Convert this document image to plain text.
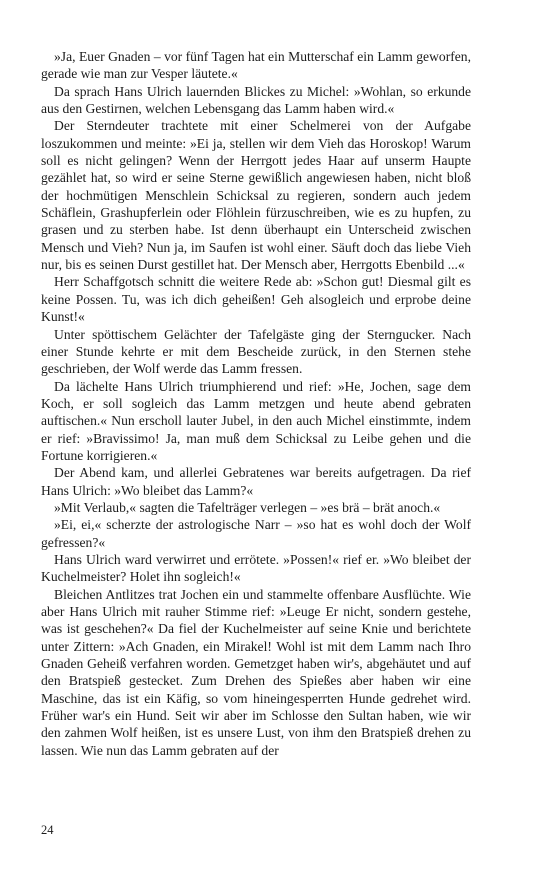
»Ja, Euer Gnaden – vor fünf Tagen hat ein Mutterschaf ein Lamm geworfen, gerade wie man zur Vesper läutete.«

Da sprach Hans Ulrich lauernden Blickes zu Michel: »Wohlan, so erkunde aus den Gestirnen, welchen Lebensgang das Lamm haben wird.«

Der Sterndeuter trachtete mit einer Schelmerei von der Aufgabe loszukommen und meinte: »Ei ja, stellen wir dem Vieh das Horoskop! Warum soll es nicht gelingen? Wenn der Herrgott jedes Haar auf unserm Haupte gezählet hat, so wird er seine Sterne gewißlich angewiesen haben, nicht bloß der hochmütigen Menschlein Schicksal zu regieren, sondern auch jedem Schäflein, Grashupferlein oder Flöhlein fürzuschreiben, wie es zu hupfen, zu grasen und zu sterben habe. Ist denn überhaupt ein Unterscheid zwischen Mensch und Vieh? Nun ja, im Saufen ist wohl einer. Säuft doch das liebe Vieh nur, bis es seinen Durst gestillet hat. Der Mensch aber, Herrgotts Ebenbild ...«

Herr Schaffgotsch schnitt die weitere Rede ab: »Schon gut! Diesmal gilt es keine Possen. Tu, was ich dich geheißen! Geh alsogleich und erprobe deine Kunst!«

Unter spöttischem Gelächter der Tafelgäste ging der Sterngucker. Nach einer Stunde kehrte er mit dem Bescheide zurück, in den Sternen stehe geschrieben, der Wolf werde das Lamm fressen.

Da lächelte Hans Ulrich triumphierend und rief: »He, Jochen, sage dem Koch, er soll sogleich das Lamm metzgen und heute abend gebraten auftischen.« Nun erscholl lauter Jubel, in den auch Michel einstimmte, indem er rief: »Bravissimo! Ja, man muß dem Schicksal zu Leibe gehen und die Fortune korrigieren.«

Der Abend kam, und allerlei Gebratenes war bereits aufgetragen. Da rief Hans Ulrich: »Wo bleibet das Lamm?«

»Mit Verlaub,« sagten die Tafelträger verlegen – »es brä – brät anoch.«

»Ei, ei,« scherzte der astrologische Narr – »so hat es wohl doch der Wolf gefressen?«

Hans Ulrich ward verwirret und errötete. »Possen!« rief er. »Wo bleibet der Kuchelmeister? Holet ihn sogleich!«

Bleichen Antlitzes trat Jochen ein und stammelte offenbare Ausflüchte. Wie aber Hans Ulrich mit rauher Stimme rief: »Leuge Er nicht, sondern gestehe, was ist geschehen?« Da fiel der Kuchelmeister auf seine Knie und berichtete unter Zittern: »Ach Gnaden, ein Mirakel! Wohl ist mit dem Lamm nach Ihro Gnaden Geheiß verfahren worden. Gemetzget haben wir's, abgehäutet und auf den Bratspieß gestecket. Zum Drehen des Spießes aber haben wir eine Maschine, das ist ein Käfig, so vom hineingesperrten Hunde gedrehet wird. Früher war's ein Hund. Seit wir aber im Schlosse den Sultan haben, wie wir den zahmen Wolf heißen, ist es unsere Lust, von ihm den Bratspieß drehen zu lassen. Wie nun das Lamm gebraten auf der

24
